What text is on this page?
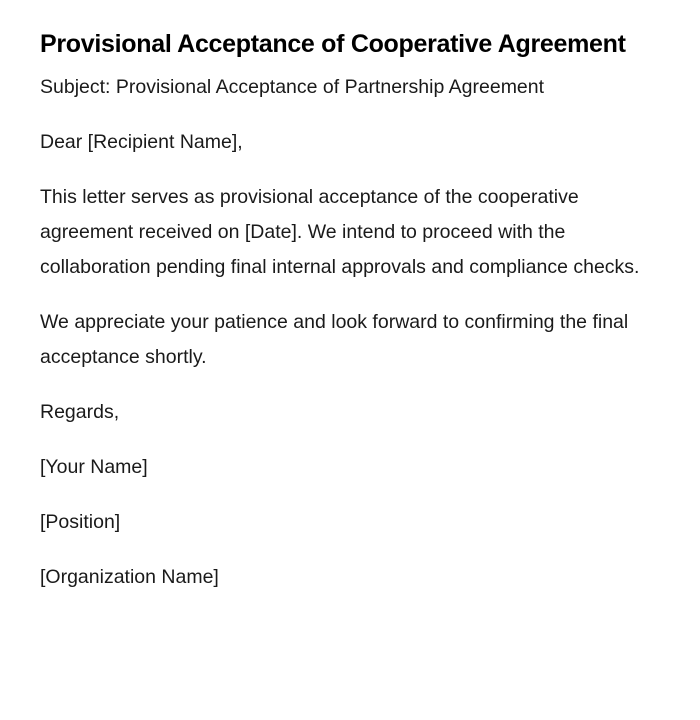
Provisional Acceptance of Cooperative Agreement

Subject: Provisional Acceptance of Partnership Agreement

Dear [Recipient Name],

This letter serves as provisional acceptance of the cooperative agreement received on [Date]. We intend to proceed with the collaboration pending final internal approvals and compliance checks.

We appreciate your patience and look forward to confirming the final acceptance shortly.

Regards,

[Your Name]

[Position]

[Organization Name]
